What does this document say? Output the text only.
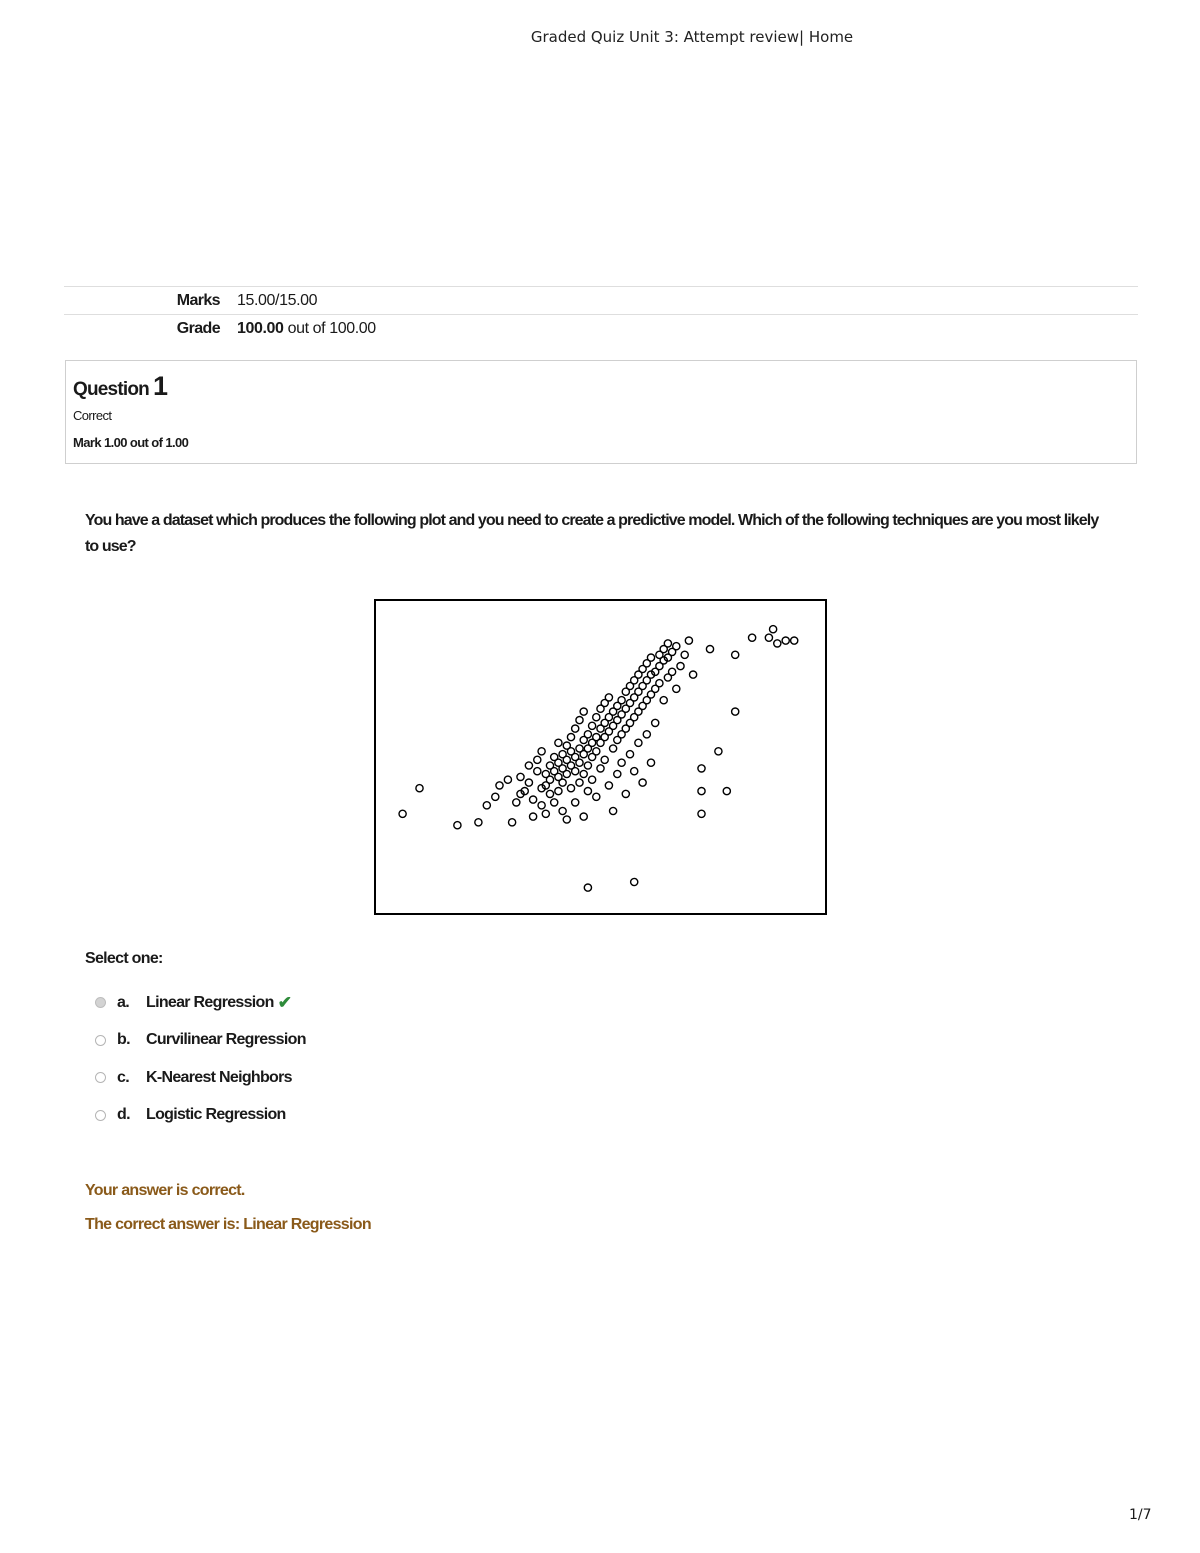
Graded Quiz Unit 3: Attempt review| Home
Marks	15.00/15.00
Grade	100.00 out of 100.00
Question 1
Correct
Mark 1.00 out of 1.00
You have a dataset which produces the following plot and you need to create a predictive model. Which of the following techniques are you most likely to use?
Select one:
a.	Linear Regression ✔
b.	Curvilinear Regression
c.	K-Nearest Neighbors
d.	Logistic Regression
Your answer is correct.
The correct answer is: Linear Regression
1/7
